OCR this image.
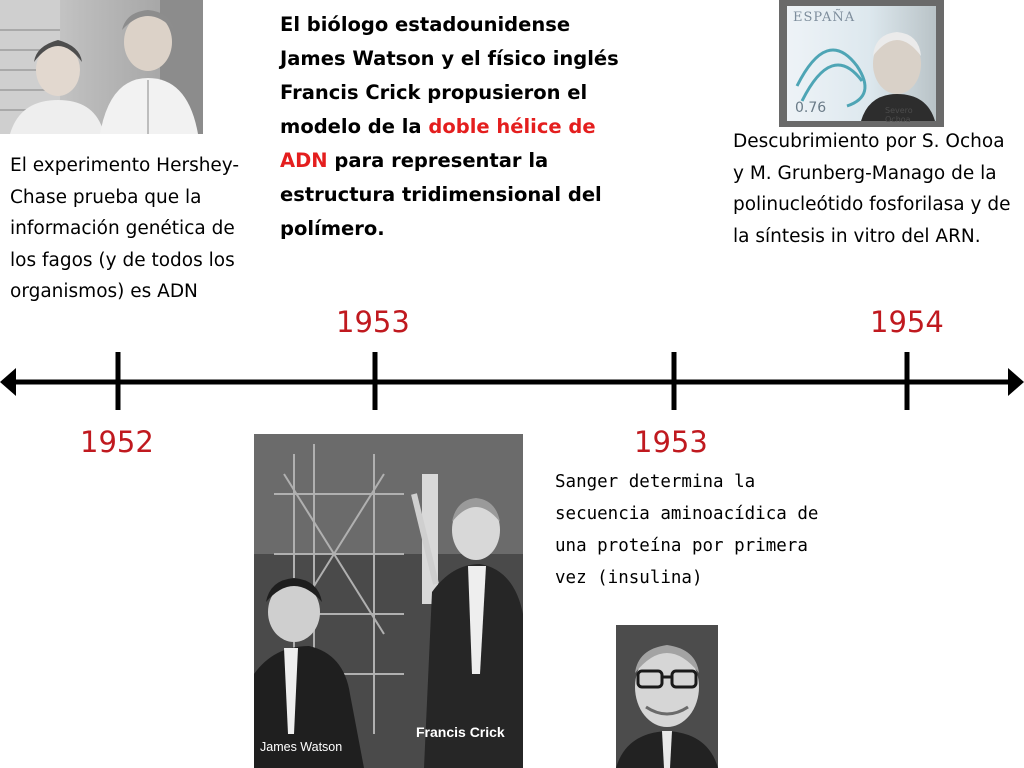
ESPAÑA
0.76	Severo Ochoa
El experimento Hershey-Chase prueba que la información genética de los fagos (y de todos los organismos) es ADN
El biólogo estadounidense James Watson y el físico inglés Francis Crick propusieron el modelo de la doble hélice de ADN para representar la estructura tridimensional del polímero.
Descubrimiento por S. Ochoa y M. Grunberg-Manago de la polinucleótido fosforilasa y de la síntesis in vitro del ARN.
Sanger determina la secuencia aminoacídica de una proteína por primera vez (insulina)
1953	1954
1952	1953
James Watson
Francis Crick
